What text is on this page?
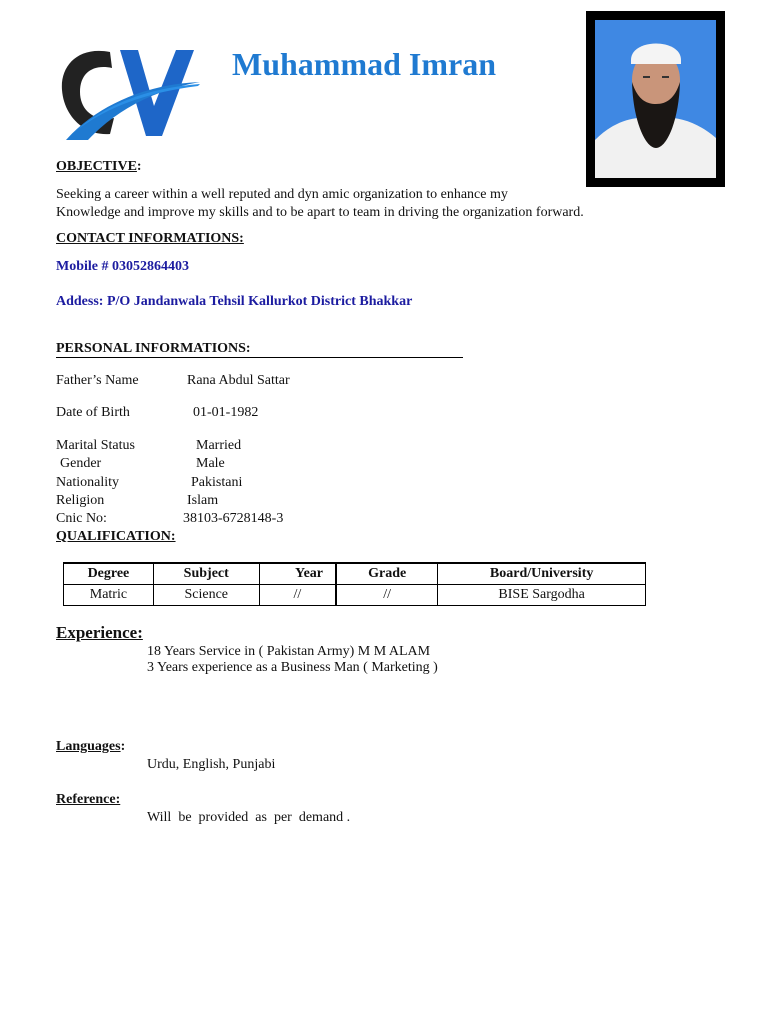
Muhammad Imran
OBJECTIVE:
Seeking a career within a well reputed and dyn amic organization to enhance my
Knowledge and improve my skills and to be apart to team in driving the organization forward.
CONTACT INFORMATIONS:
Mobile # 03052864403
Addess: P/O Jandanwala Tehsil Kallurkot District Bhakkar
PERSONAL INFORMATIONS:
Father’s Name	Rana Abdul Sattar
Date of Birth	01-01-1982
Marital Status	Married
Gender	Male
Nationality	Pakistani
Religion	Islam
Cnic No:	38103-6728148-3
QUALIFICATION:
Degree	Subject	Year	Grade	Board/University
Matric	Science	//	//	BISE Sargodha
Experience:
18 Years Service in ( Pakistan Army) M M ALAM
3 Years experience as a Business Man ( Marketing )
Languages:
Urdu, English, Punjabi
Reference:
Will  be  provided  as  per  demand .
